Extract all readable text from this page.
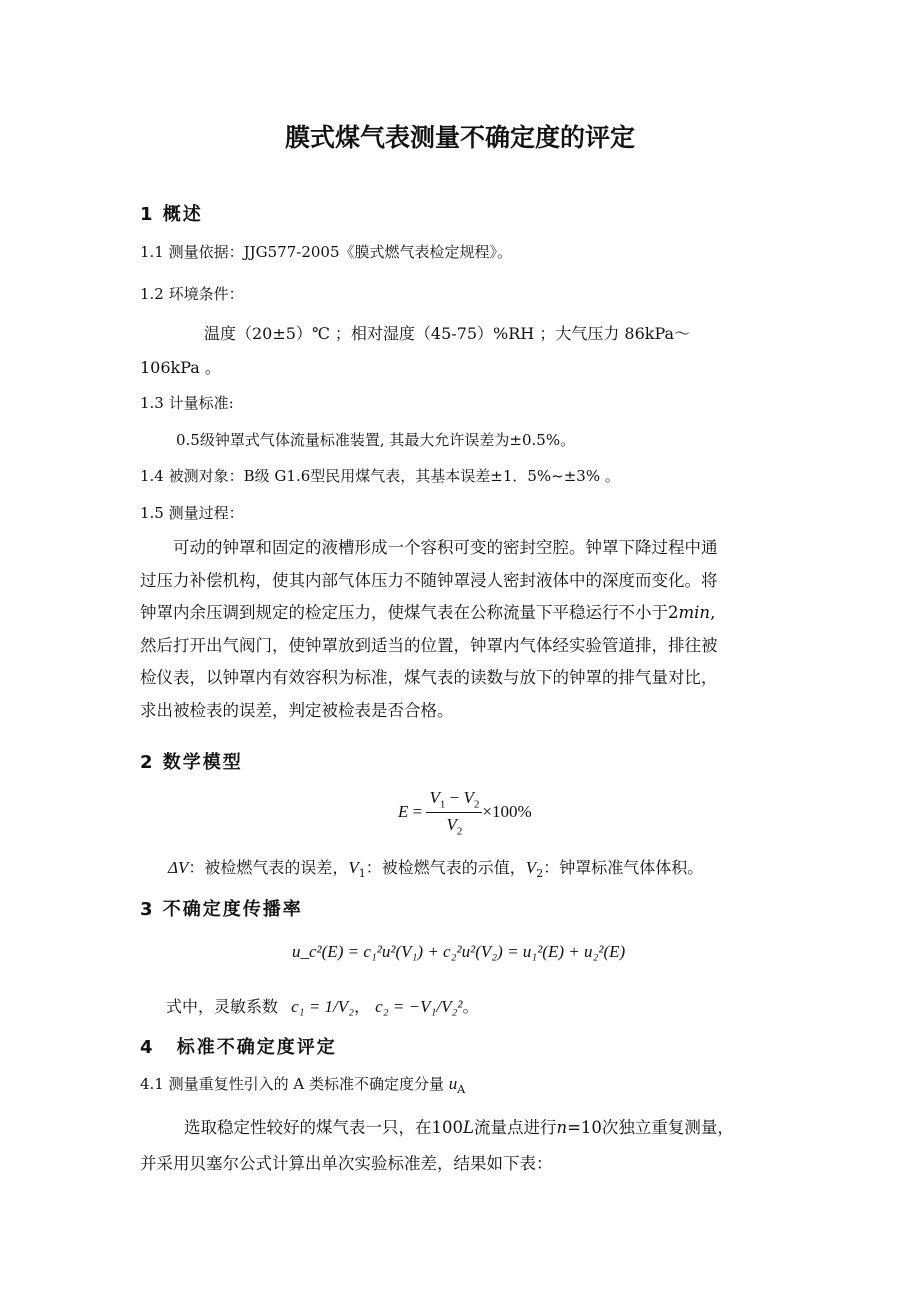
膜式煤气表测量不确定度的评定
1 概述
1.1 测量依据：JJG577-2005《膜式燃气表检定规程》。
1.2 环境条件：
温度（20±5）℃ ；相对湿度（45-75）%RH ；大气压力 86kPa～
106kPa 。
1.3 计量标准:
0.5级钟罩式气体流量标准装置, 其最大允许误差为±0.5%。
1.4 被测对象：B级 G1.6型民用煤气表，其基本误差±1．5%~±3% 。
1.5 测量过程：
可动的钟罩和固定的液槽形成一个容积可变的密封空腔。钟罩下降过程中通
过压力补偿机构，使其内部气体压力不随钟罩浸人密封液体中的深度而变化。将
钟罩内余压调到规定的检定压力，使煤气表在公称流量下平稳运行不小于2min,
然后打开出气阀门，使钟罩放到适当的位置，钟罩内气体经实验管道排，排往被
检仪表，以钟罩内有效容积为标准，煤气表的读数与放下的钟罩的排气量对比，
求出被检表的误差，判定被检表是否合格。
2 数学模型
$E = \frac{V_1 - V_2}{V_2} \times 100\%$
ΔV：被检燃气表的误差，$V_1$：被检燃气表的示值，$V_2$：钟罩标准气体体积。
3 不确定度传播率
u_c²(E) = c₁²u²(V₁) + c₂²u²(V₂) = u₁²(E) + u₂²(E)
式中，灵敏系数 c₁ = 1/V₂， c₂ = −V₁/V₂²。
4 标准不确定度评定
4.1 测量重复性引入的 A 类标准不确定度分量 $u_A$
选取稳定性较好的煤气表一只，在100L流量点进行n=10次独立重复测量，
并采用贝塞尔公式计算出单次实验标准差，结果如下表：
